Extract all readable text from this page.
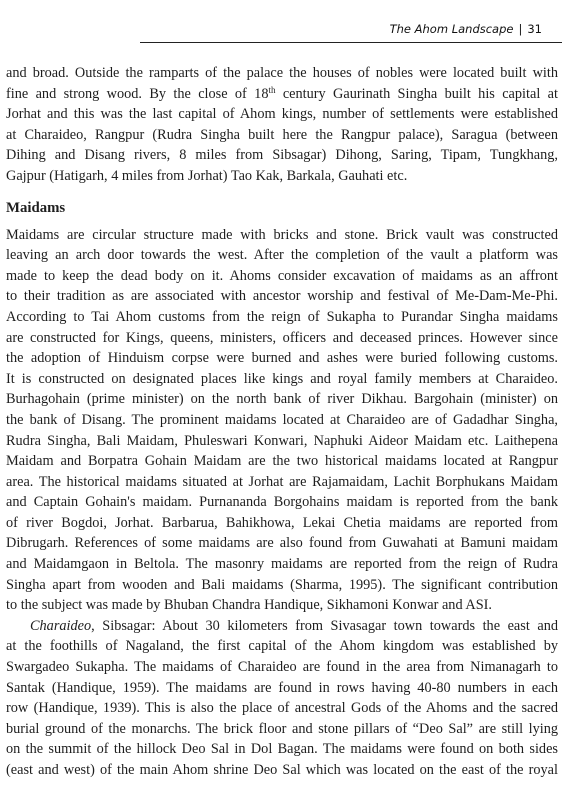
The Ahom Landscape | 31
and broad. Outside the ramparts of the palace the houses of nobles were located built with
fine and strong wood. By the close of 18th century Gaurinath Singha built his capital at
Jorhat and this was the last capital of Ahom kings, number of settlements were established
at Charaideo, Rangpur (Rudra Singha built here the Rangpur palace), Saragua (between
Dihing and Disang rivers, 8 miles from Sibsagar) Dihong, Saring, Tipam, Tungkhang,
Gajpur (Hatigarh, 4 miles from Jorhat) Tao Kak, Barkala, Gauhati etc.
Maidams
Maidams are circular structure made with bricks and stone. Brick vault was constructed
leaving an arch door towards the west. After the completion of the vault a platform was
made to keep the dead body on it. Ahoms consider excavation of maidams as an affront
to their tradition as are associated with ancestor worship and festival of Me-Dam-Me-Phi.
According to Tai Ahom customs from the reign of Sukapha to Purandar Singha maidams
are constructed for Kings, queens, ministers, officers and deceased princes. However since
the adoption of Hinduism corpse were burned and ashes were buried following customs.
It is constructed on designated places like kings and royal family members at Charaideo.
Burhagohain (prime minister) on the north bank of river Dikhau. Bargohain (minister) on
the bank of Disang. The prominent maidams located at Charaideo are of Gadadhar Singha,
Rudra Singha, Bali Maidam, Phuleswari Konwari, Naphuki Aideor Maidam etc. Laithepena
Maidam and Borpatra Gohain Maidam are the two historical maidams located at Rangpur
area. The historical maidams situated at Jorhat are Rajamaidam, Lachit Borphukans Maidam
and Captain Gohain's maidam. Purnananda Borgohains maidam is reported from the bank
of river Bogdoi, Jorhat. Barbarua, Bahikhowa, Lekai Chetia maidams are reported from
Dibrugarh. References of some maidams are also found from Guwahati at Bamuni maidam
and Maidamgaon in Beltola. The masonry maidams are reported from the reign of Rudra
Singha apart from wooden and Bali maidams (Sharma, 1995). The significant contribution
to the subject was made by Bhuban Chandra Handique, Sikhamoni Konwar and ASI.
Charaideo, Sibsagar: About 30 kilometers from Sivasagar town towards the east and
at the foothills of Nagaland, the first capital of the Ahom kingdom was established by
Swargadeo Sukapha. The maidams of Charaideo are found in the area from Nimanagarh to
Santak (Handique, 1959). The maidams are found in rows having 40-80 numbers in each
row (Handique, 1939). This is also the place of ancestral Gods of the Ahoms and the sacred
burial ground of the monarchs. The brick floor and stone pillars of “Deo Sal” are still lying
on the summit of the hillock Deo Sal in Dol Bagan. The maidams were found on both sides
(east and west) of the main Ahom shrine Deo Sal which was located on the east of the royal
